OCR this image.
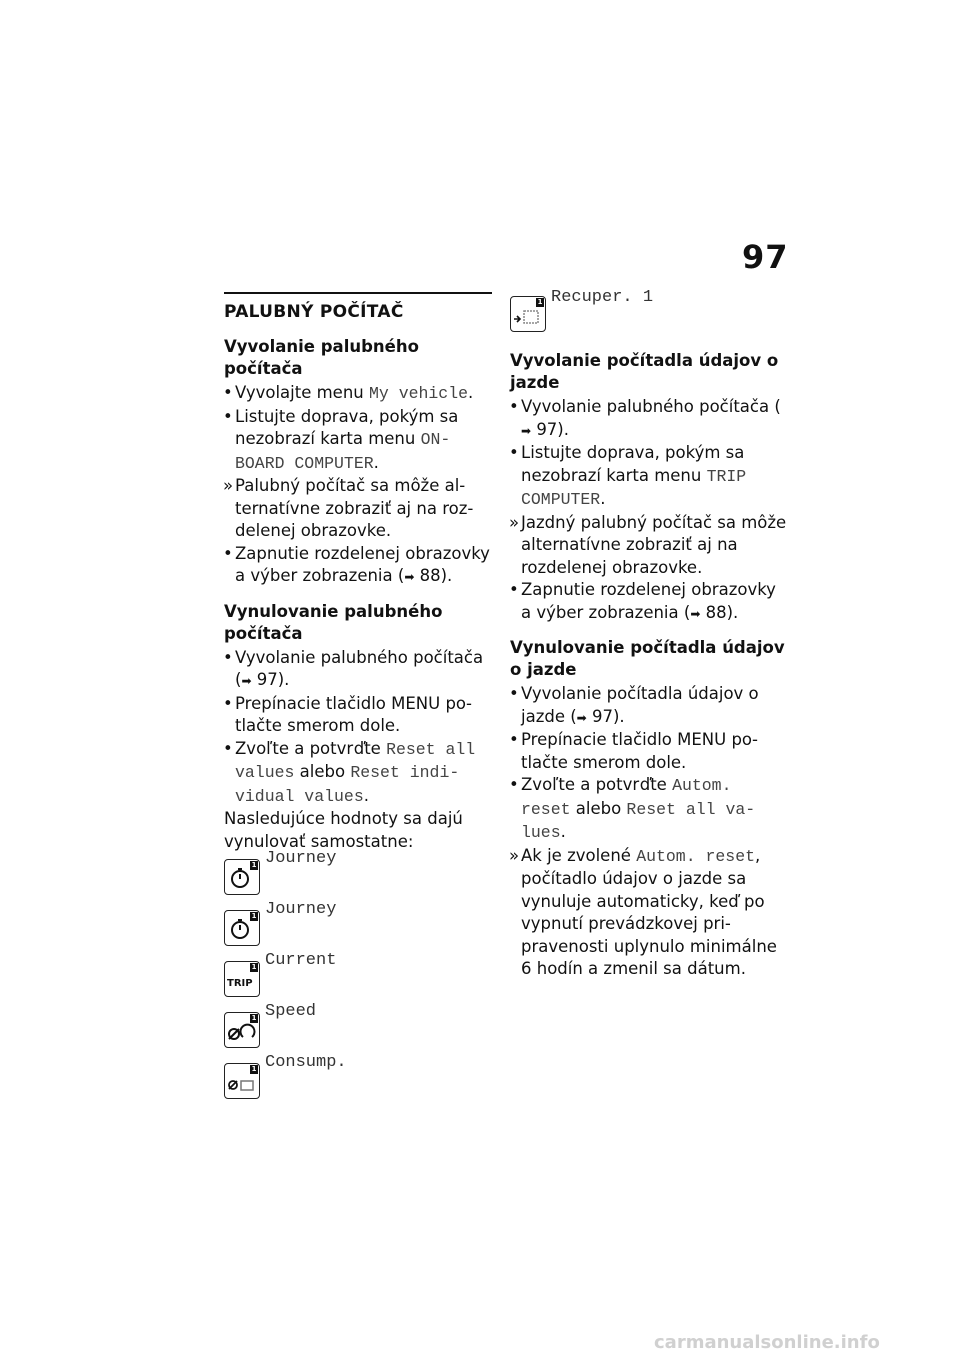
97
PALUBNÝ POČÍTAČ
Vyvolanie palubného počítača
• Vyvolajte menu My vehicle.
• Listujte doprava, pokým sa nezobrazí karta menu ON-BOARD COMPUTER.
» Palubný počítač sa môže alternatívne zobraziť aj na rozdelenej obrazovke.
• Zapnutie rozdelenej obrazovky a výber zobrazenia (➡ 88).
Vynulovanie palubného počítača
• Vyvolanie palubného počítača (➡ 97).
• Prepínacie tlačidlo MENU potlačte smerom dole.
• Zvoľte a potvrďte Reset all values alebo Reset individual values.
Nasledujúce hodnoty sa dajú vynulovať samostatne:
1 Journey
1 Journey
TRIP
1 Current
1 Speed
1 Consump.
1 Recuper. 1
Vyvolanie počítadla údajov o jazde
• Vyvolanie palubného počítača (➡ 97).
• Listujte doprava, pokým sa nezobrazí karta menu TRIP COMPUTER.
» Jazdný palubný počítač sa môže alternatívne zobraziť aj na rozdelenej obrazovke.
• Zapnutie rozdelenej obrazovky a výber zobrazenia (➡ 88).
Vynulovanie počítadla údajov o jazde
• Vyvolanie počítadla údajov o jazde (➡ 97).
• Prepínacie tlačidlo MENU potlačte smerom dole.
• Zvoľte a potvrďte Autom. reset alebo Reset all values.
» Ak je zvolené Autom. reset, počítadlo údajov o jazde sa vynuluje automaticky, keď po vypnutí prevádzkovej pripravenosti uplynulo minimálne 6 hodín a zmenil sa dátum.
carmanualsonline.info
